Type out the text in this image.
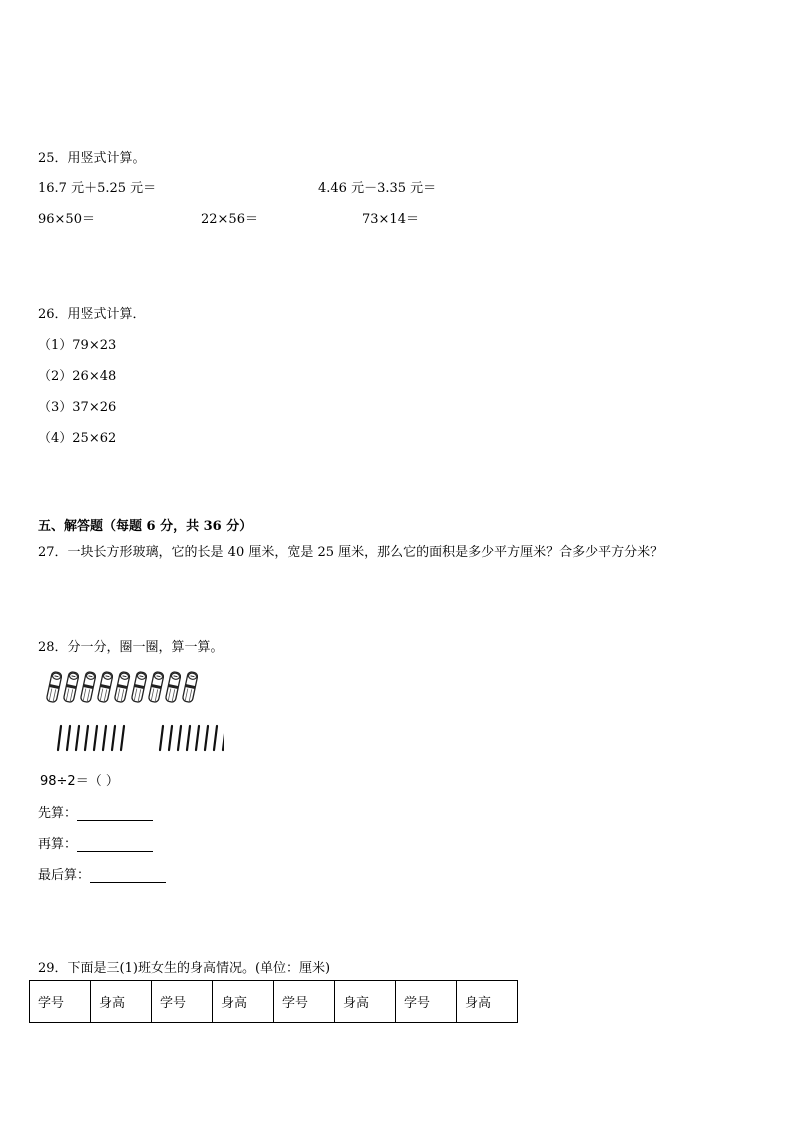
25．用竖式计算。
16.7 元＋5.25 元＝	4.46 元－3.35 元＝
96×50＝	22×56＝	73×14＝
26．用竖式计算．
（1）79×23
（2）26×48
（3）37×26
（4）25×62
五、解答题（每题 6 分，共 36 分）
27．一块长方形玻璃，它的长是 40 厘米，宽是 25 厘米，那么它的面积是多少平方厘米？合多少平方分米？
28．分一分，圈一圈，算一算。
98÷2＝（ ）
先算：
再算：
最后算：
29．下面是三(1)班女生的身高情况。(单位：厘米)
学号	身高	学号	身高	学号	身高	学号	身高
